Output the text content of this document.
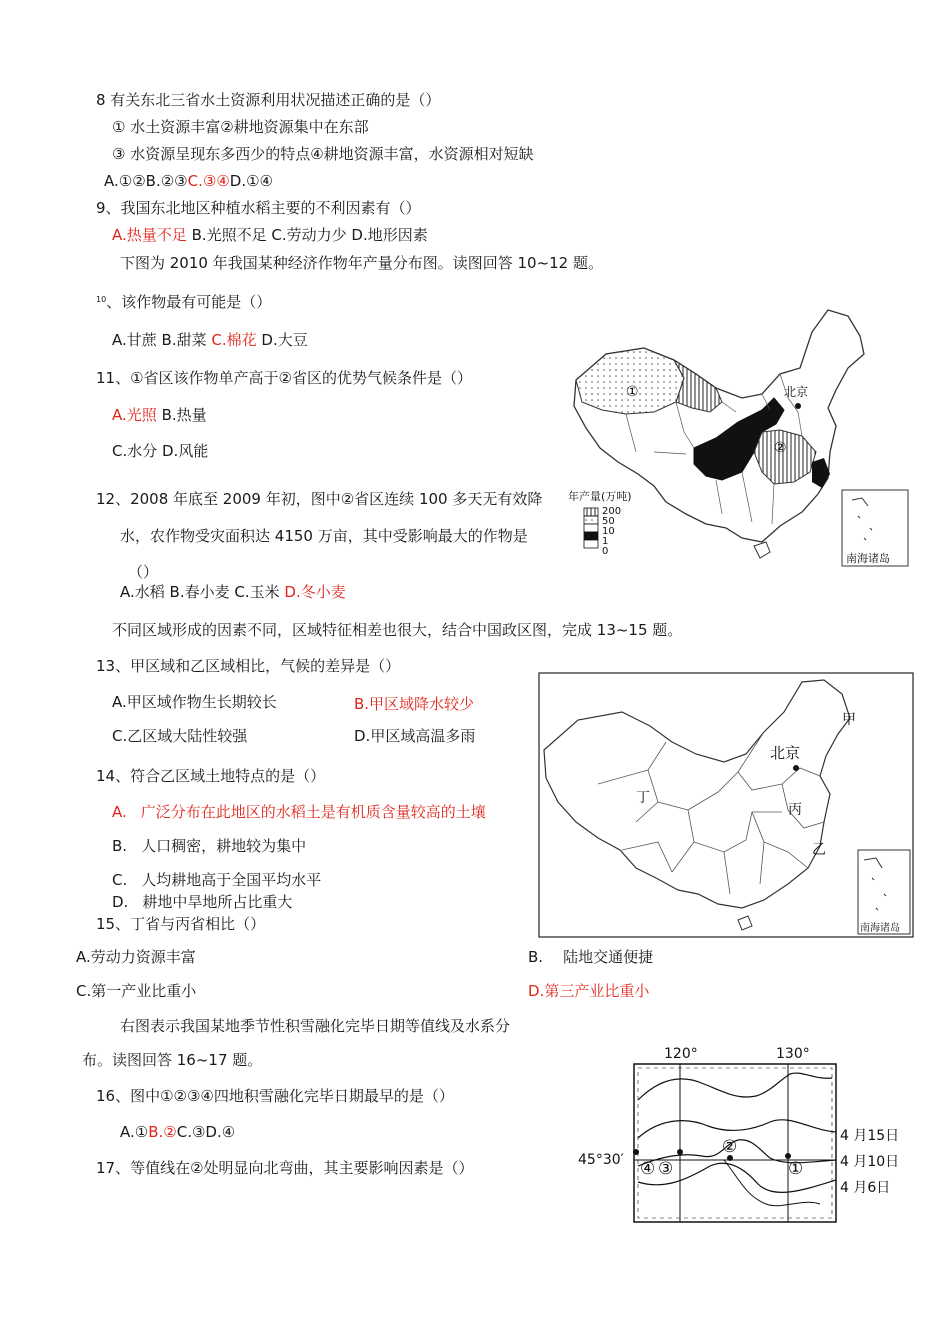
8 有关东北三省水土资源利用状况描述正确的是（）
① 水土资源丰富②耕地资源集中在东部
③ 水资源呈现东多西少的特点④耕地资源丰富，水资源相对短缺
A.①②B.②③C.③④D.①④
9、我国东北地区种植水稻主要的不利因素有（）
A.热量不足 B.光照不足 C.劳动力少 D.地形因素
下图为 2010 年我国某种经济作物年产量分布图。读图回答 10~12 题。
$^{10}$、该作物最有可能是（）
A.甘蔗 B.甜菜 C.棉花 D.大豆
11、①省区该作物单产高于②省区的优势气候条件是（）
A.光照 B.热量
C.水分 D.风能
12、2008 年底至 2009 年初，图中②省区连续 100 多天无有效降
水，农作物受灾面积达 4150 万亩，其中受影响最大的作物是
（）
A.水稻 B.春小麦 C.玉米 D.冬小麦
不同区域形成的因素不同，区域特征相差也很大，结合中国政区图，完成 13~15 题。
13、甲区域和乙区域相比，气候的差异是（）
A.甲区域作物生长期较长	B.甲区域降水较少
C.乙区域大陆性较强	D.甲区域高温多雨
14、符合乙区域土地特点的是（）
A. 广泛分布在此地区的水稻土是有机质含量较高的土壤
B. 人口稠密，耕地较为集中
C. 人均耕地高于全国平均水平
D. 耕地中旱地所占比重大
15、丁省与丙省相比（）
A.劳动力资源丰富	B. 陆地交通便捷
C.第一产业比重小	D.第三产业比重小
右图表示我国某地季节性积雪融化完毕日期等值线及水系分
布。读图回答 16~17 题。
16、图中①②③④四地积雪融化完毕日期最早的是（）
A.①B.②C.③D.④
17、等值线在②处明显向北弯曲，其主要影响因素是（）
北京
①
②
年产量(万吨)
200
50
10
1
0
南海诸岛
北京
甲
丙
丁
乙
南海诸岛
120°	130°
45°30′ ④ ③
②
①
4 月15日
4 月10日
4 月6日
